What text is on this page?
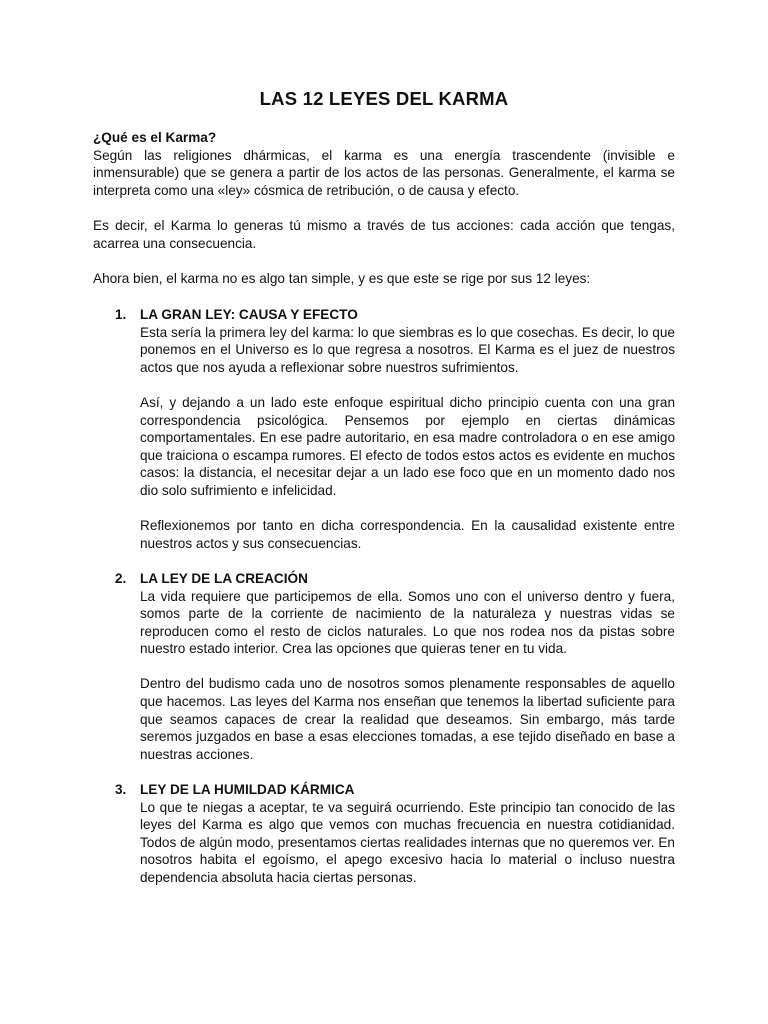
LAS 12 LEYES DEL KARMA
¿Qué es el Karma?

Según las religiones dhármicas, el karma es una energía trascendente (invisible e inmensurable) que se genera a partir de los actos de las personas. Generalmente, el karma se interpreta como una «ley» cósmica de retribución, o de causa y efecto.

Es decir, el Karma lo generas tú mismo a través de tus acciones: cada acción que tengas, acarrea una consecuencia.

Ahora bien, el karma no es algo tan simple, y es que este se rige por sus 12 leyes:

1. LA GRAN LEY: CAUSA Y EFECTO

Esta sería la primera ley del karma: lo que siembras es lo que cosechas. Es decir, lo que ponemos en el Universo es lo que regresa a nosotros. El Karma es el juez de nuestros actos que nos ayuda a reflexionar sobre nuestros sufrimientos.

Así, y dejando a un lado este enfoque espiritual dicho principio cuenta con una gran correspondencia psicológica. Pensemos por ejemplo en ciertas dinámicas comportamentales. En ese padre autoritario, en esa madre controladora o en ese amigo que traiciona o escampa rumores. El efecto de todos estos actos es evidente en muchos casos: la distancia, el necesitar dejar a un lado ese foco que en un momento dado nos dio solo sufrimiento e infelicidad.

Reflexionemos por tanto en dicha correspondencia. En la causalidad existente entre nuestros actos y sus consecuencias.

2. LA LEY DE LA CREACIÓN

La vida requiere que participemos de ella. Somos uno con el universo dentro y fuera, somos parte de la corriente de nacimiento de la naturaleza y nuestras vidas se reproducen como el resto de ciclos naturales. Lo que nos rodea nos da pistas sobre nuestro estado interior. Crea las opciones que quieras tener en tu vida.

Dentro del budismo cada uno de nosotros somos plenamente responsables de aquello que hacemos. Las leyes del Karma nos enseñan que tenemos la libertad suficiente para que seamos capaces de crear la realidad que deseamos. Sin embargo, más tarde seremos juzgados en base a esas elecciones tomadas, a ese tejido diseñado en base a nuestras acciones.

3. LEY DE LA HUMILDAD KÁRMICA

Lo que te niegas a aceptar, te va seguirá ocurriendo. Este principio tan conocido de las leyes del Karma es algo que vemos con muchas frecuencia en nuestra cotidianidad. Todos de algún modo, presentamos ciertas realidades internas que no queremos ver. En nosotros habita el egoísmo, el apego excesivo hacia lo material o incluso nuestra dependencia absoluta hacia ciertas personas.
